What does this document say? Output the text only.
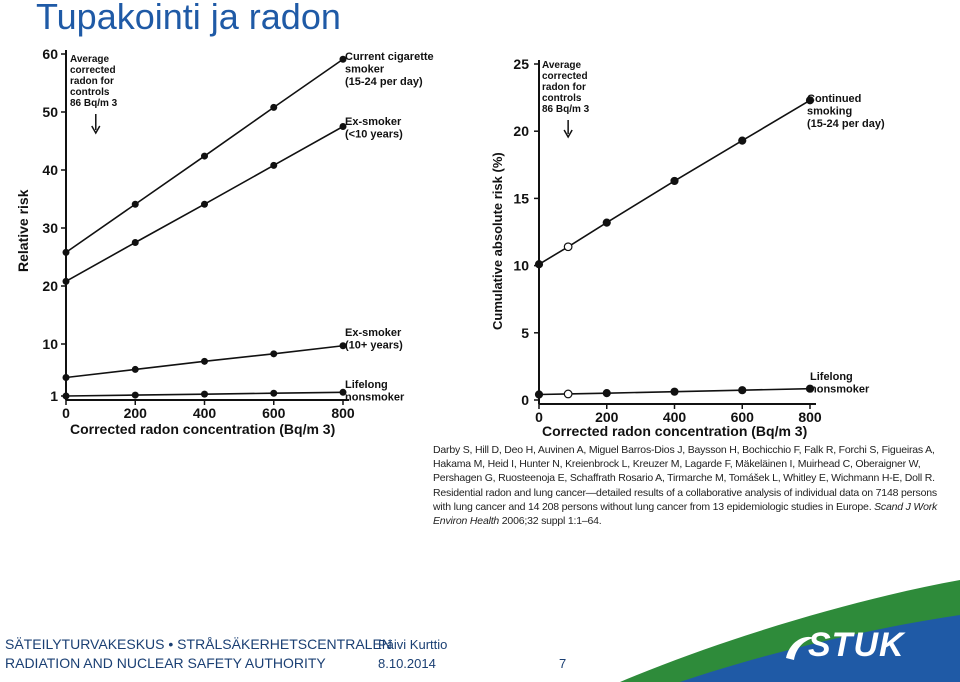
Tupakointi ja radon
1
10
20
30
40
50
60
0	200	400	600	800
Corrected radon concentration (Bq/m 3)
Relative risk
Average
corrected
radon for
controls
86 Bq/m 3
Current cigarette
smoker
(15-24 per day)
Ex-smoker
(<10 years)
Ex-smoker
(10+ years)
Lifelong
nonsmoker	0
5
10
15
20
25
0	200	400	600	800
Corrected radon concentration (Bq/m 3)
Cumulative absolute risk (%)
Average
corrected
radon for
controls
86 Bq/m 3
Continued
smoking
(15-24 per day)
Lifelong
nonsmoker
Darby S, Hill D, Deo H, Auvinen A, Miguel Barros-Dios J, Baysson H, Bochicchio F, Falk R, Forchi S, Figueiras A, Hakama M, Heid I, Hunter N, Kreienbrock L, Kreuzer M, Lagarde F, Mäkeläinen I, Muirhead C, Oberaigner W, Pershagen G, Ruosteenoja E, Schaffrath Rosario A, Tirmarche M, Tomášek L, Whitley E, Wichmann H-E, Doll R. Residential radon and lung cancer—detailed results of a collaborative analysis of individual data on 7148 persons with lung cancer and 14 208 persons without lung cancer from 13 epidemiologic studies in Europe. Scand J Work Environ Health 2006;32 suppl 1:1–64.
STUK
SÄTEILYTURVAKESKUS • STRÅLSÄKERHETSCENTRALEN
RADIATION AND NUCLEAR SAFETY AUTHORITY
Päivi Kurttio
8.10.2014	7
